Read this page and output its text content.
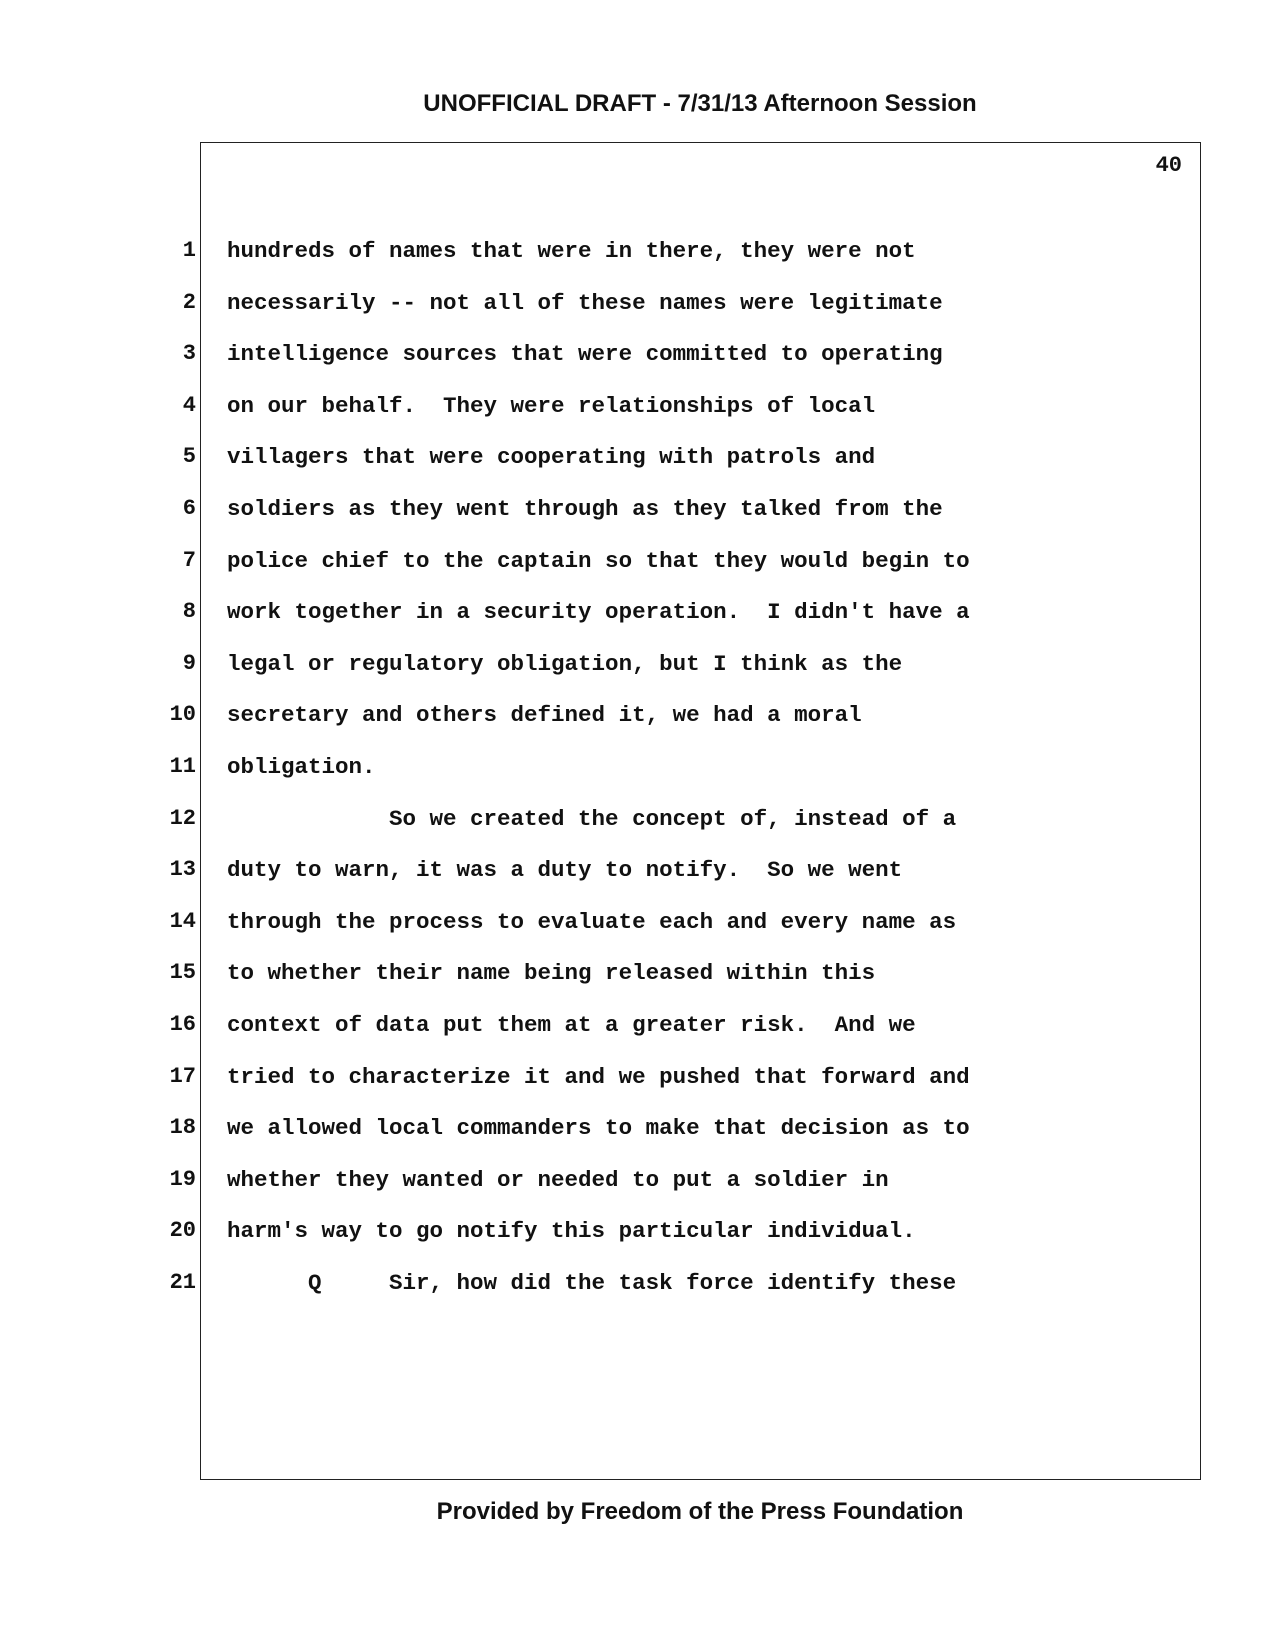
UNOFFICIAL DRAFT - 7/31/13 Afternoon Session
40
1 hundreds of names that were in there, they were not
2 necessarily -- not all of these names were legitimate
3 intelligence sources that were committed to operating
4 on our behalf.  They were relationships of local
5 villagers that were cooperating with patrols and
6 soldiers as they went through as they talked from the
7 police chief to the captain so that they would begin to
8 work together in a security operation.  I didn't have a
9 legal or regulatory obligation, but I think as the
10 secretary and others defined it, we had a moral
11 obligation.
12 So we created the concept of, instead of a
13 duty to warn, it was a duty to notify.  So we went
14 through the process to evaluate each and every name as
15 to whether their name being released within this
16 context of data put them at a greater risk.  And we
17 tried to characterize it and we pushed that forward and
18 we allowed local commanders to make that decision as to
19 whether they wanted or needed to put a soldier in
20 harm's way to go notify this particular individual.
21 Q     Sir, how did the task force identify these
Provided by Freedom of the Press Foundation
